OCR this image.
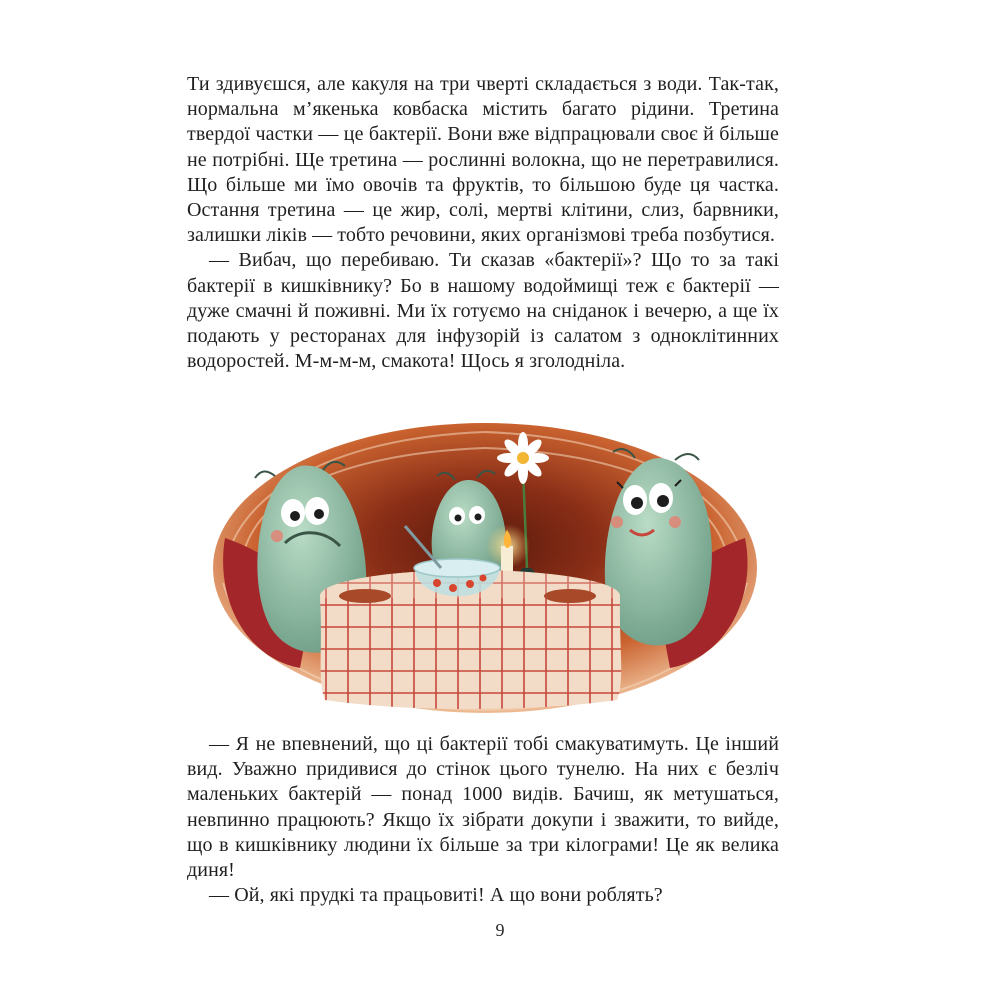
Ти здивуєшся, але какуля на три чверті складається з води. Так-так, нормальна м’якенька ковбаска містить багато рідини. Третина твердої частки — це бактерії. Вони вже відпрацювали своє й більше не потрібні. Ще третина — рослинні волокна, що не перетравилися. Що більше ми їмо овочів та фруктів, то більшою буде ця частка. Остання третина — це жир, солі, мертві клітини, слиз, барвники, залишки ліків — тобто речовини, яких організмові треба позбутися.

— Вибач, що перебиваю. Ти сказав «бактерії»? Що то за такі бактерії в кишківнику? Бо в нашому водоймищі теж є бактерії — дуже смачні й поживні. Ми їх готуємо на сніданок і вечерю, а ще їх подають у ресторанах для інфузорій із салатом з одноклітинних водоростей. М-м-м-м, смакота! Щось я зголодніла.

— Я не впевнений, що ці бактерії тобі смакуватимуть. Це інший вид. Уважно придивися до стінок цього тунелю. На них є безліч маленьких бактерій — понад 1000 видів. Бачиш, як метушаться, невпинно працюють? Якщо їх зібрати докупи і зважити, то вийде, що в кишківнику людини їх більше за три кілограми! Це як велика диня!

— Ой, які прудкі та працьовиті! А що вони роблять?

9
